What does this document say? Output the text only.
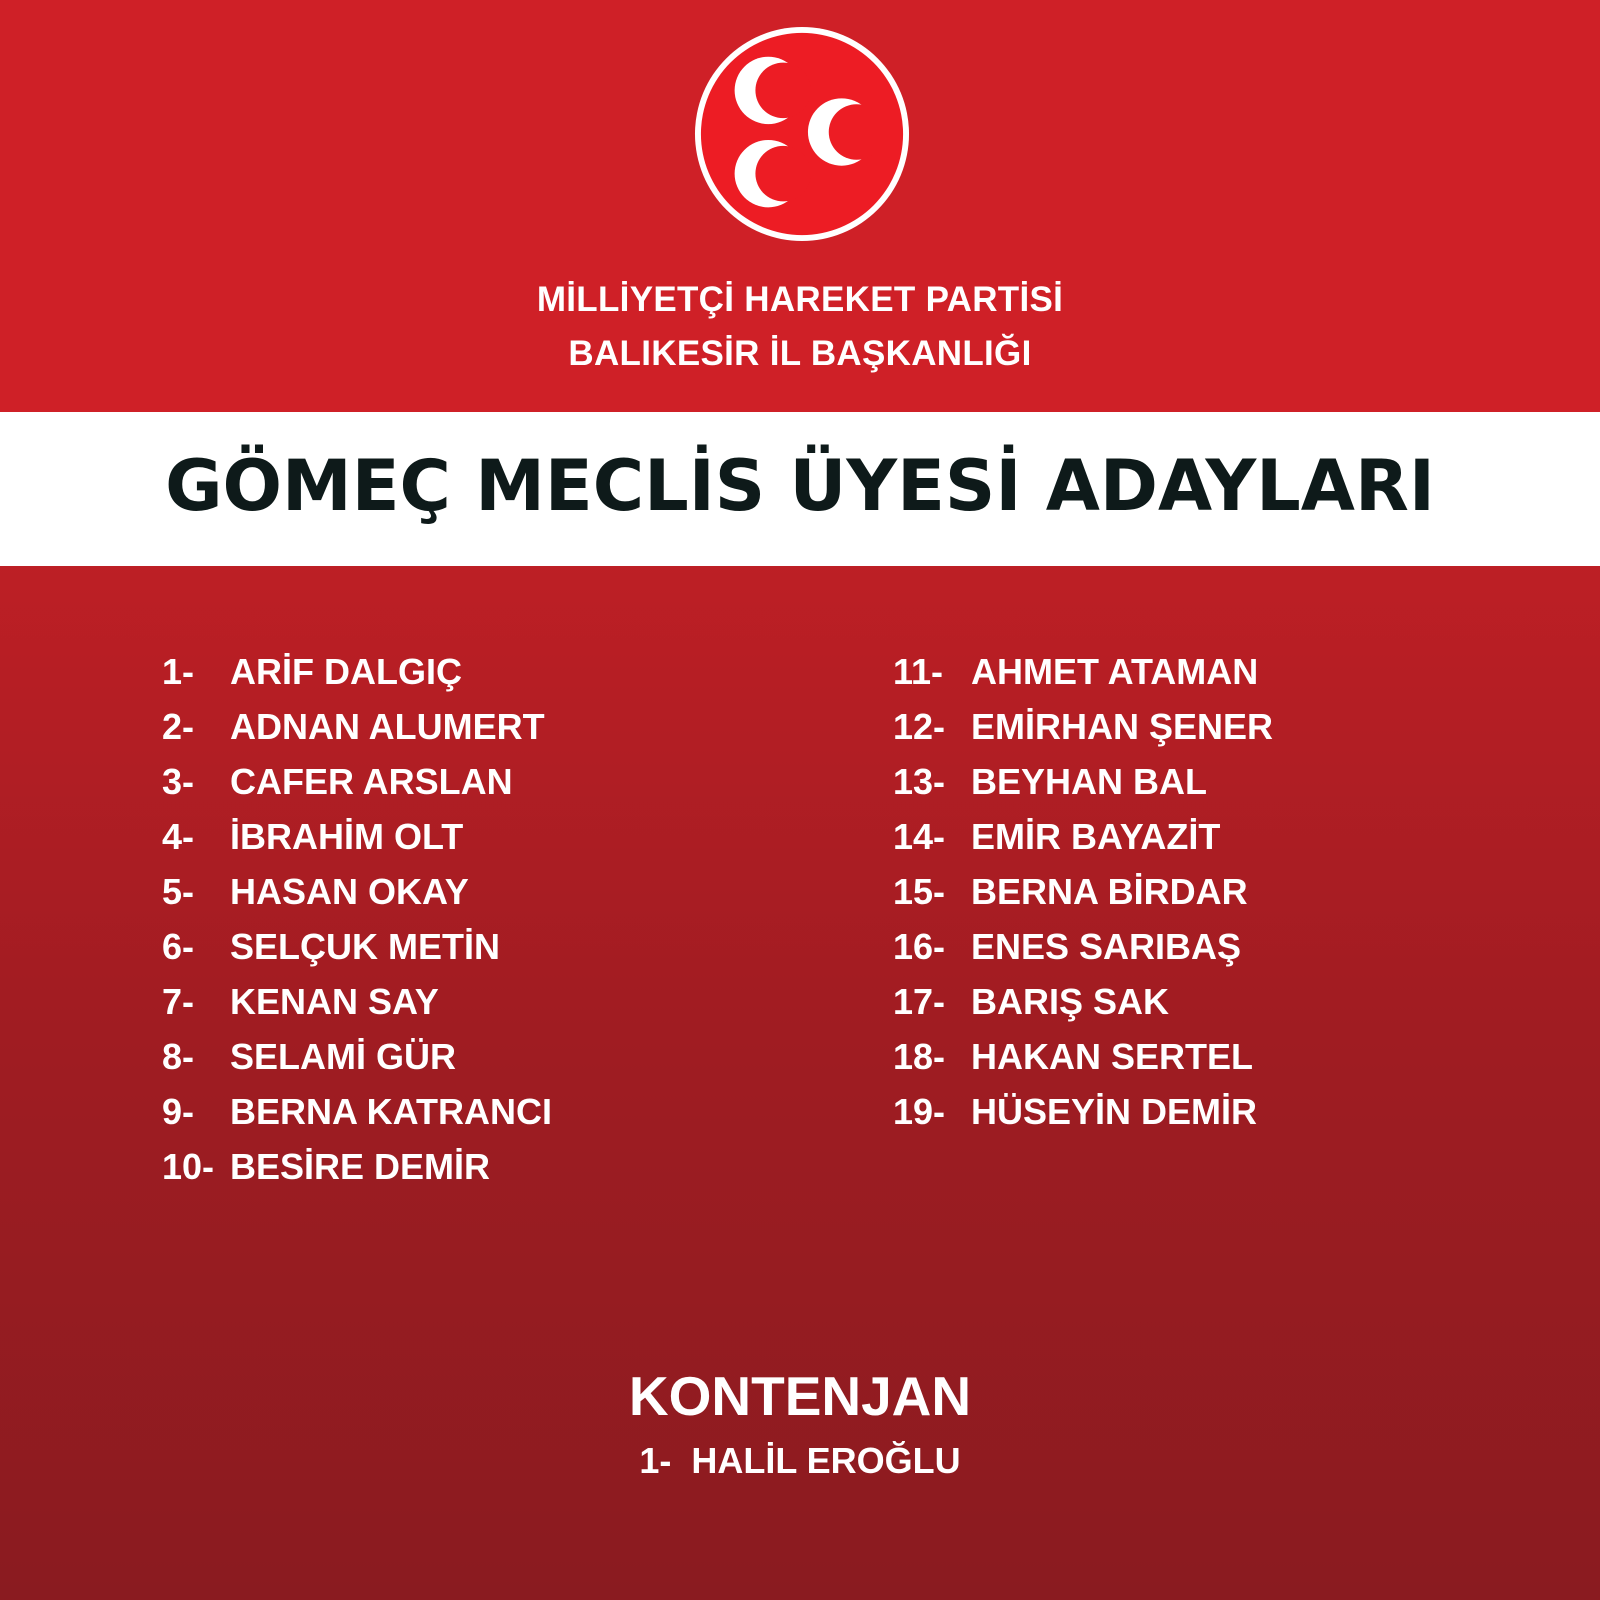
MİLLİYETÇİ HAREKET PARTİSİ
BALIKESİR İL BAŞKANLIĞI
GÖMEÇ MECLİS ÜYESİ ADAYLARI
1- ARİF DALGIÇ
2- ADNAN ALUMERT
3- CAFER ARSLAN
4- İBRAHİM OLT
5- HASAN OKAY
6- SELÇUK METİN
7- KENAN SAY
8- SELAMİ GÜR
9- BERNA KATRANCI
10- BESİRE DEMİR
11- AHMET ATAMAN
12- EMİRHAN ŞENER
13- BEYHAN BAL
14- EMİR BAYAZİT
15- BERNA BİRDAR
16- ENES SARIBAŞ
17- BARIŞ SAK
18- HAKAN SERTEL
19- HÜSEYİN DEMİR
KONTENJAN
1-  HALİL EROĞLU
